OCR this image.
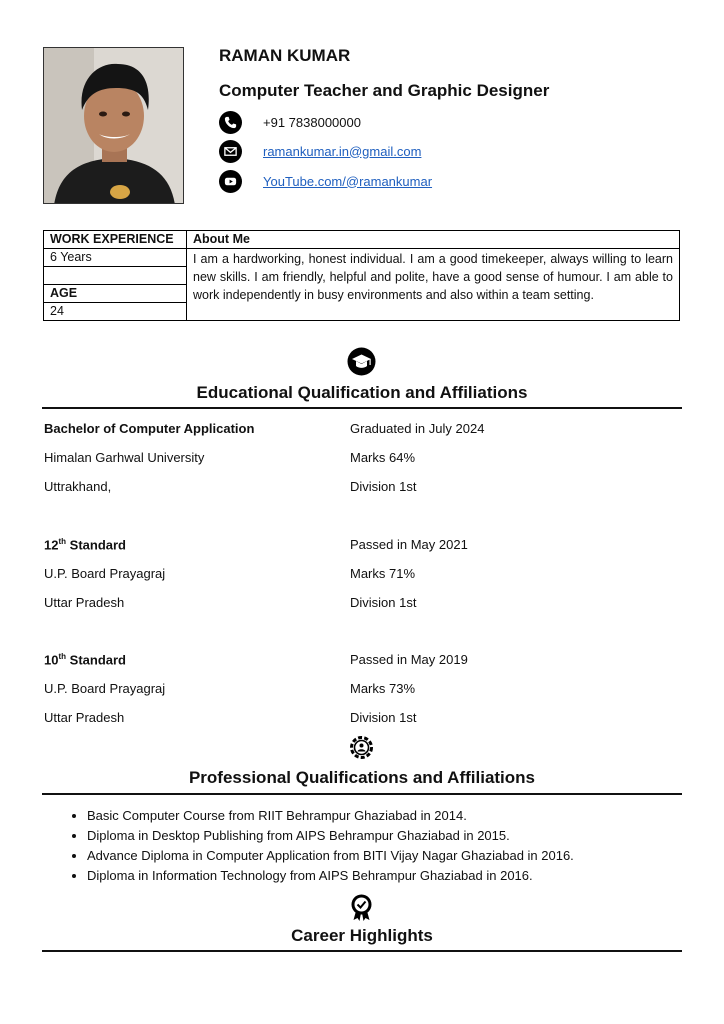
RAMAN KUMAR
Computer Teacher and Graphic Designer
+91 7838000000
ramankumar.in@gmail.com
YouTube.com/@ramankumar
WORK EXPERIENCE	About Me
6 Years	I am a hardworking, honest individual. I am a good timekeeper, always willing to learn new skills. I am friendly, helpful and polite, have a good sense of humour. I am able to work independently in busy environments and also within a team setting.

AGE	
24	
Educational Qualification and Affiliations
Bachelor of Computer Application	Graduated in July 2024
Himalan Garhwal University	Marks 64%
Uttrakhand,	Division 1st
12th Standard	Passed in May 2021
U.P. Board Prayagraj	Marks 71%
Uttar Pradesh	Division 1st
10th Standard	Passed in May 2019
U.P. Board Prayagraj	Marks 73%
Uttar Pradesh	Division 1st
Professional Qualifications and Affiliations
• Basic Computer Course from RIIT Behrampur Ghaziabad in 2014.
• Diploma in Desktop Publishing from AIPS Behrampur Ghaziabad in 2015.
• Advance Diploma in Computer Application from BITI Vijay Nagar Ghaziabad in 2016.
• Diploma in Information Technology from AIPS Behrampur Ghaziabad in 2016.
Career Highlights
